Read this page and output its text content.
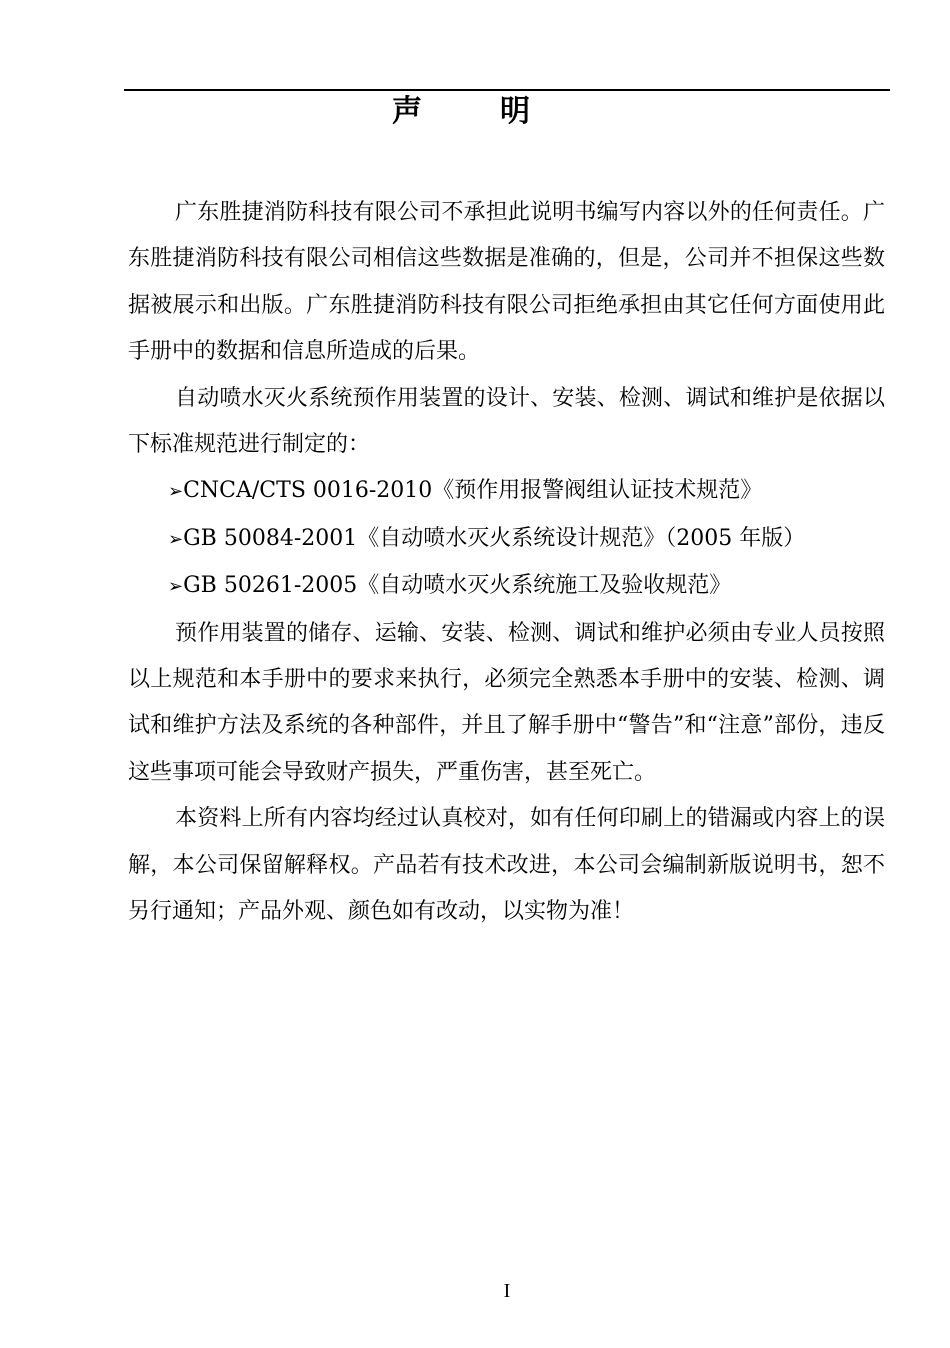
声明

广东胜捷消防科技有限公司不承担此说明书编写内容以外的任何责任。广东胜捷消防科技有限公司相信这些数据是准确的，但是，公司并不担保这些数据被展示和出版。广东胜捷消防科技有限公司拒绝承担由其它任何方面使用此手册中的数据和信息所造成的后果。

自动喷水灭火系统预作用装置的设计、安装、检测、调试和维护是依据以下标准规范进行制定的：

➢CNCA/CTS 0016-2010《预作用报警阀组认证技术规范》

➢GB 50084-2001《自动喷水灭火系统设计规范》（2005 年版）

➢GB 50261-2005《自动喷水灭火系统施工及验收规范》

预作用装置的储存、运输、安装、检测、调试和维护必须由专业人员按照以上规范和本手册中的要求来执行，必须完全熟悉本手册中的安装、检测、调试和维护方法及系统的各种部件，并且了解手册中“警告”和“注意”部份，违反这些事项可能会导致财产损失，严重伤害，甚至死亡。

本资料上所有内容均经过认真校对，如有任何印刷上的错漏或内容上的误解，本公司保留解释权。产品若有技术改进，本公司会编制新版说明书，恕不另行通知；产品外观、颜色如有改动，以实物为准！

I
